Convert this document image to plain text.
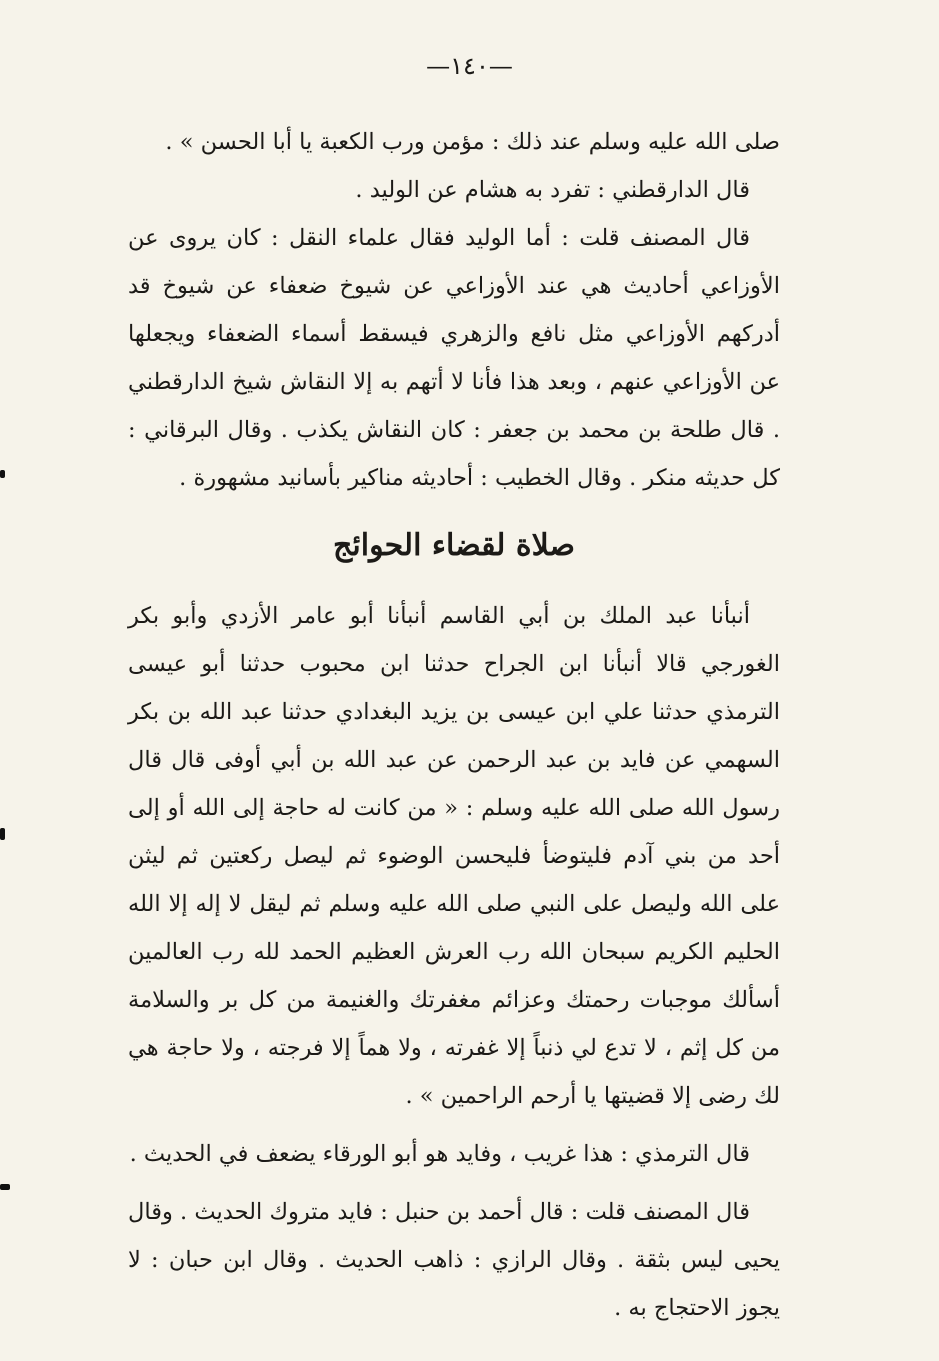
—١٤٠—

صلى الله عليه وسلم عند ذلك : مؤمن ورب الكعبة يا أبا الحسن » .

قال الدارقطني : تفرد به هشام عن الوليد .

قال المصنف قلت : أما الوليد فقال علماء النقل : كان يروى عن الأوزاعي أحاديث هي عند الأوزاعي عن شيوخ ضعفاء عن شيوخ قد أدركهم الأوزاعي مثل نافع والزهري فيسقط أسماء الضعفاء ويجعلها عن الأوزاعي عنهم ، وبعد هذا فأنا لا أتهم به إلا النقاش شيخ الدارقطني . قال طلحة بن محمد بن جعفر : كان النقاش يكذب . وقال البرقاني : كل حديثه منكر . وقال الخطيب : أحاديثه مناكير بأسانيد مشهورة .

صلاة لقضاء الحوائج

أنبأنا عبد الملك بن أبي القاسم أنبأنا أبو عامر الأزدي وأبو بكر الغورجي قالا أنبأنا ابن الجراح حدثنا ابن محبوب حدثنا أبو عيسى الترمذي حدثنا علي ابن عيسى بن يزيد البغدادي حدثنا عبد الله بن بكر السهمي عن فايد بن عبد الرحمن عن عبد الله بن أبي أوفى قال قال رسول الله صلى الله عليه وسلم : « من كانت له حاجة إلى الله أو إلى أحد من بني آدم فليتوضأ فليحسن الوضوء ثم ليصل ركعتين ثم ليثن على الله وليصل على النبي صلى الله عليه وسلم ثم ليقل لا إله إلا الله الحليم الكريم سبحان الله رب العرش العظيم الحمد لله رب العالمين أسألك موجبات رحمتك وعزائم مغفرتك والغنيمة من كل بر والسلامة من كل إثم ، لا تدع لي ذنباً إلا غفرته ، ولا هماً إلا فرجته ، ولا حاجة هي لك رضى إلا قضيتها يا أرحم الراحمين » .

قال الترمذي : هذا غريب ، وفايد هو أبو الورقاء يضعف في الحديث .

قال المصنف قلت : قال أحمد بن حنبل : فايد متروك الحديث . وقال يحيى ليس بثقة . وقال الرازي : ذاهب الحديث . وقال ابن حبان : لا يجوز الاحتجاج به .
